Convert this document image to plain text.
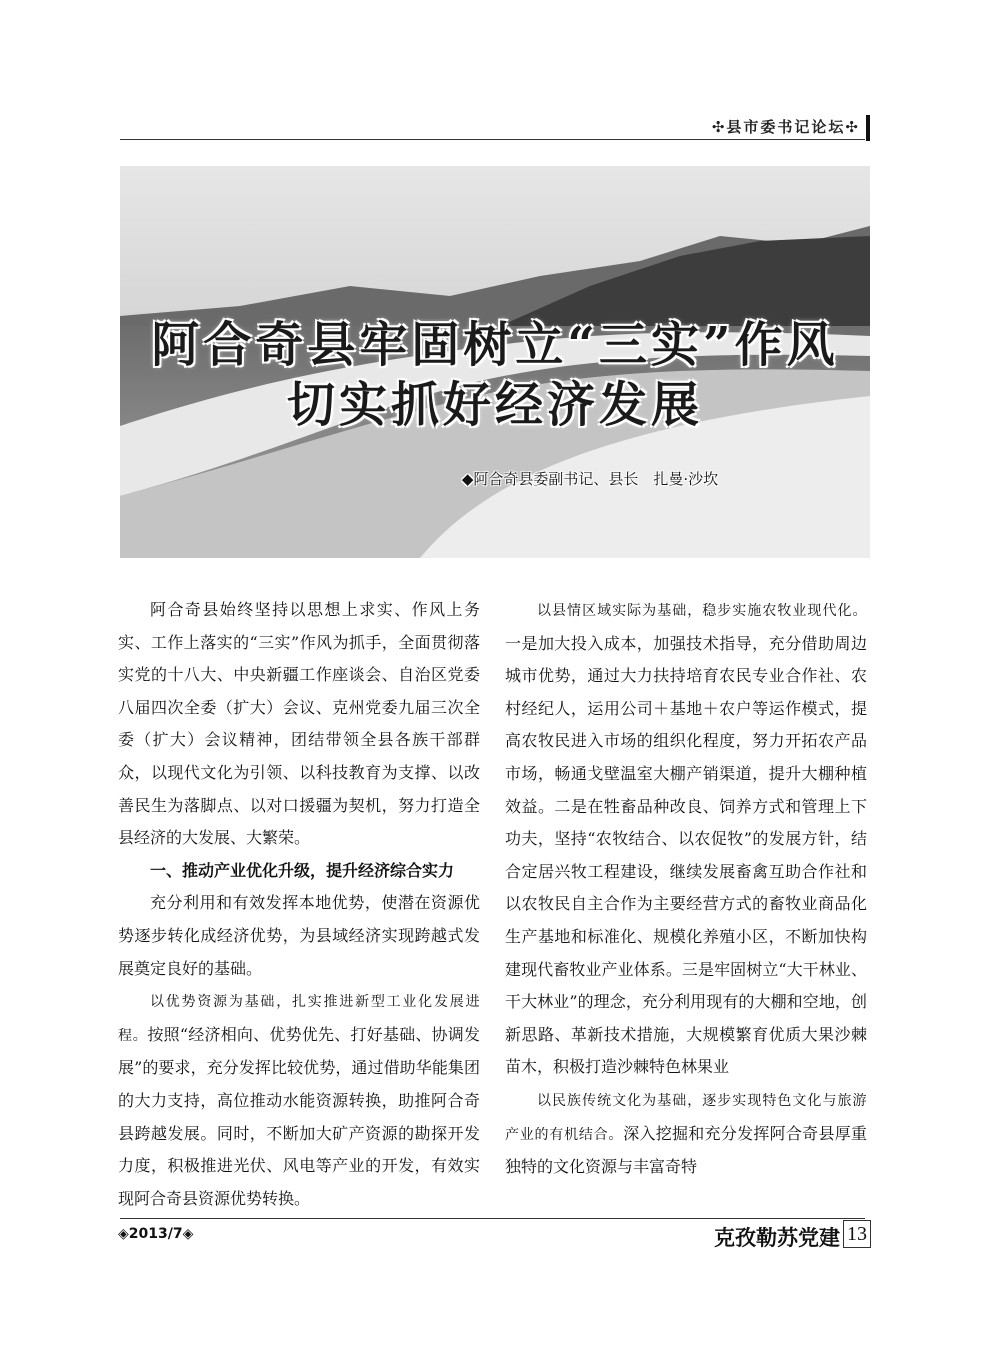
✣县市委书记论坛✣
阿合奇县牢固树立“三实”作风
切实抓好经济发展
◆阿合奇县委副书记、县长　扎曼·沙坎

阿合奇县始终坚持以思想上求实、作风上务实、工作上落实的“三实”作风为抓手，全面贯彻落实党的十八大、中央新疆工作座谈会、自治区党委八届四次全委（扩大）会议、克州党委九届三次全委（扩大）会议精神，团结带领全县各族干部群众，以现代文化为引领、以科技教育为支撑、以改善民生为落脚点、以对口援疆为契机，努力打造全县经济的大发展、大繁荣。

一、推动产业优化升级，提升经济综合实力

充分利用和有效发挥本地优势，使潜在资源优势逐步转化成经济优势，为县域经济实现跨越式发展奠定良好的基础。

以优势资源为基础，扎实推进新型工业化发展进程。按照“经济相向、优势优先、打好基础、协调发展”的要求，充分发挥比较优势，通过借助华能集团的大力支持，高位推动水能资源转换，助推阿合奇县跨越发展。同时，不断加大矿产资源的勘探开发力度，积极推进光伏、风电等产业的开发，有效实现阿合奇县资源优势转换。

以县情区域实际为基础，稳步实施农牧业现代化。一是加大投入成本，加强技术指导，充分借助周边城市优势，通过大力扶持培育农民专业合作社、农村经纪人，运用公司＋基地＋农户等运作模式，提高农牧民进入市场的组织化程度，努力开拓农产品市场，畅通戈壁温室大棚产销渠道，提升大棚种植效益。二是在牲畜品种改良、饲养方式和管理上下功夫，坚持“农牧结合、以农促牧”的发展方针，结合定居兴牧工程建设，继续发展畜禽互助合作社和以农牧民自主合作为主要经营方式的畜牧业商品化生产基地和标准化、规模化养殖小区，不断加快构建现代畜牧业产业体系。三是牢固树立“大干林业、干大林业”的理念，充分利用现有的大棚和空地，创新思路、革新技术措施，大规模繁育优质大果沙棘苗木，积极打造沙棘特色林果业

以民族传统文化为基础，逐步实现特色文化与旅游产业的有机结合。深入挖掘和充分发挥阿合奇县厚重独特的文化资源与丰富奇特

◈2013/7◈	克孜勒苏党建 13
